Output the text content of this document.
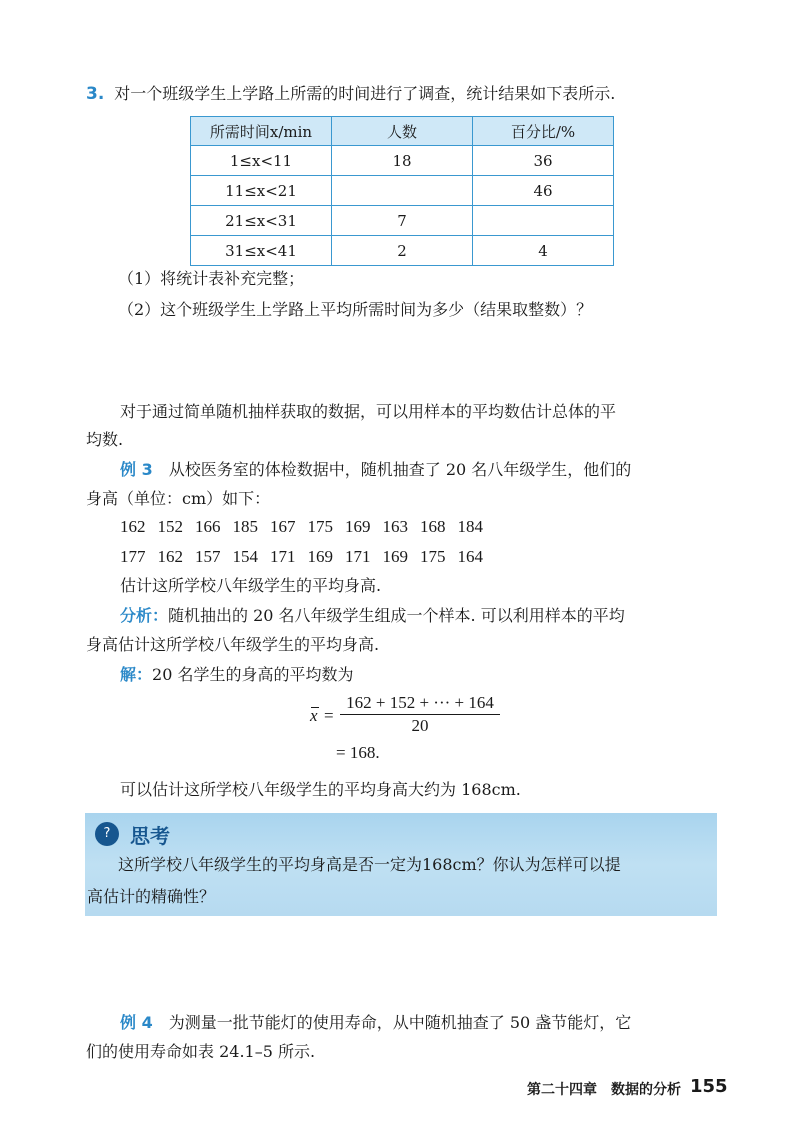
3. 对一个班级学生上学路上所需的时间进行了调查，统计结果如下表所示.
所需时间x/min	人数	百分比/%
1≤x<11	18	36
11≤x<21		46
21≤x<31	7	
31≤x<41	2	4
（1）将统计表补充完整；
（2）这个班级学生上学路上平均所需时间为多少（结果取整数）？
对于通过简单随机抽样获取的数据，可以用样本的平均数估计总体的平
均数.
例 3　 从校医务室的体检数据中，随机抽查了 20 名八年级学生，他们的
身高（单位：cm）如下：
162 152 166 185 167 175 169 163 168 184
177 162 157 154 171 169 171 169 175 164
估计这所学校八年级学生的平均身高.
分析：随机抽出的 20 名八年级学生组成一个样本. 可以利用样本的平均
身高估计这所学校八年级学生的平均身高.
解：20 名学生的身高的平均数为
$x = \frac{162 + 152 + \cdot\cdot\cdot + 164}{20}$
= 168.
可以估计这所学校八年级学生的平均身高大约为 168cm.
? 思考
这所学校八年级学生的平均身高是否一定为168cm？你认为怎样可以提
高估计的精确性？
例 4　 为测量一批节能灯的使用寿命，从中随机抽查了 50 盏节能灯，它
们的使用寿命如表 24.1–5 所示.
第二十四章　数据的分析 155
